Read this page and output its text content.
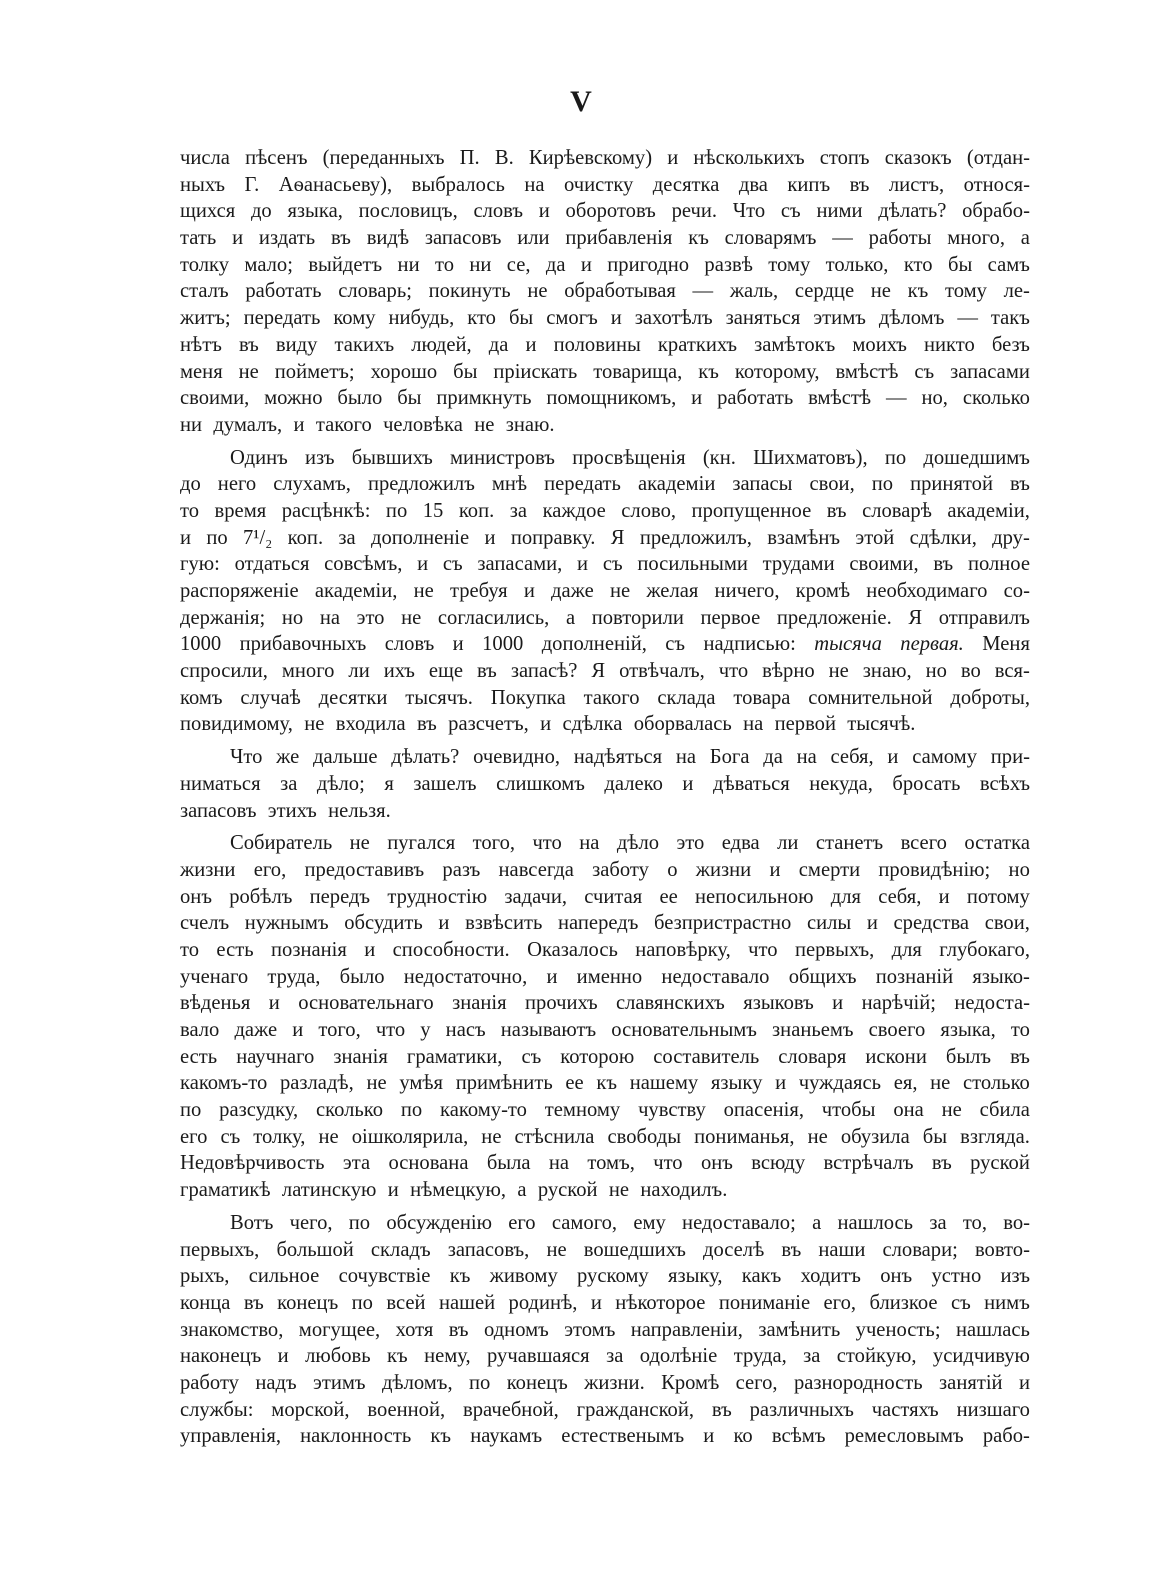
V
числа пѣсенъ (переданныхъ П. В. Кирѣевскому) и нѣсколькихъ стопъ сказокъ (отдан-
ныхъ Г. Аѳанасьеву), выбралось на очистку десятка два кипъ въ листъ, относя-
щихся до языка, пословицъ, словъ и оборотовъ речи. Что съ ними дѣлать? обрабо-
тать и издать въ видѣ запасовъ или прибавленія къ словарямъ — работы много, а
толку мало; выйдетъ ни то ни се, да и пригодно развѣ тому только, кто бы самъ
сталъ работать словарь; покинуть не обработывая — жаль, сердце не къ тому ле-
житъ; передать кому нибудь, кто бы смогъ и захотѣлъ заняться этимъ дѣломъ — такъ
нѣтъ въ виду такихъ людей, да и половины краткихъ замѣтокъ моихъ никто безъ
меня не пойметъ; хорошо бы пріискать товарища, къ которому, вмѣстѣ съ запасами
своими, можно было бы примкнуть помощникомъ, и работать вмѣстѣ — но, сколько
ни думалъ, и такого человѣка не знаю.
Одинъ изъ бывшихъ министровъ просвѣщенія (кн. Шихматовъ), по дошедшимъ
до него слухамъ, предложилъ мнѣ передать академіи запасы свои, по принятой въ
то время расцѣнкѣ: по 15 коп. за каждое слово, пропущенное въ словарѣ академіи,
и по 7¹/₂ коп. за дополненіе и поправку. Я предложилъ, взамѣнъ этой сдѣлки, дру-
гую: отдаться совсѣмъ, и съ запасами, и съ посильными трудами своими, въ полное
распоряженіе академіи, не требуя и даже не желая ничего, кромѣ необходимаго со-
держанія; но на это не согласились, а повторили первое предложеніе. Я отправилъ
1000 прибавочныхъ словъ и 1000 дополненій, съ надписью: тысяча первая. Меня
спросили, много ли ихъ еще въ запасѣ? Я отвѣчалъ, что вѣрно не знаю, но во вся-
комъ случаѣ десятки тысячъ. Покупка такого склада товара сомнительной доброты,
повидимому, не входила въ разсчетъ, и сдѣлка оборвалась на первой тысячѣ.
Что же дальше дѣлать? очевидно, надѣяться на Бога да на себя, и самому при-
ниматься за дѣло; я зашелъ слишкомъ далеко и дѣваться некуда, бросать всѣхъ
запасовъ этихъ нельзя.
Собиратель не пугался того, что на дѣло это едва ли станетъ всего остатка
жизни его, предоставивъ разъ навсегда заботу о жизни и смерти провидѣнію; но
онъ робѣлъ передъ трудностію задачи, считая ее непосильною для себя, и потому
счелъ нужнымъ обсудить и взвѣсить напередъ безпристрастно силы и средства свои,
то есть познанія и способности. Оказалось наповѣрку, что первыхъ, для глубокаго,
ученаго труда, было недостаточно, и именно недоставало общихъ познаній языко-
вѣденья и основательнаго знанія прочихъ славянскихъ языковъ и нарѣчій; недоста-
вало даже и того, что у насъ называютъ основательнымъ знаньемъ своего языка, то
есть научнаго знанія граматики, съ которою составитель словаря искони былъ въ
какомъ-то разладѣ, не умѣя примѣнить ее къ нашему языку и чуждаясь ея, не столько
по разсудку, сколько по какому-то темному чувству опасенія, чтобы она не сбила
его съ толку, не оішколярила, не стѣснила свободы пониманья, не обузила бы взгляда.
Недовѣрчивость эта основана была на томъ, что онъ всюду встрѣчалъ въ руской
граматикѣ латинскую и нѣмецкую, а руской не находилъ.
Вотъ чего, по обсужденію его самого, ему недоставало; а нашлось за то, во-
первыхъ, большой складъ запасовъ, не вошедшихъ доселѣ въ наши словари; вовто-
рыхъ, сильное сочувствіе къ живому рускому языку, какъ ходитъ онъ устно изъ
конца въ конецъ по всей нашей родинѣ, и нѣкоторое пониманіе его, близкое съ нимъ
знакомство, могущее, хотя въ одномъ этомъ направленіи, замѣнить ученость; нашлась
наконецъ и любовь къ нему, ручавшаяся за одолѣніе труда, за стойкую, усидчивую
работу надъ этимъ дѣломъ, по конецъ жизни. Кромѣ сего, разнородность занятій и
службы: морской, военной, врачебной, гражданской, въ различныхъ частяхъ низшаго
управленія, наклонность къ наукамъ естественымъ и ко всѣмъ ремесловымъ рабо-
